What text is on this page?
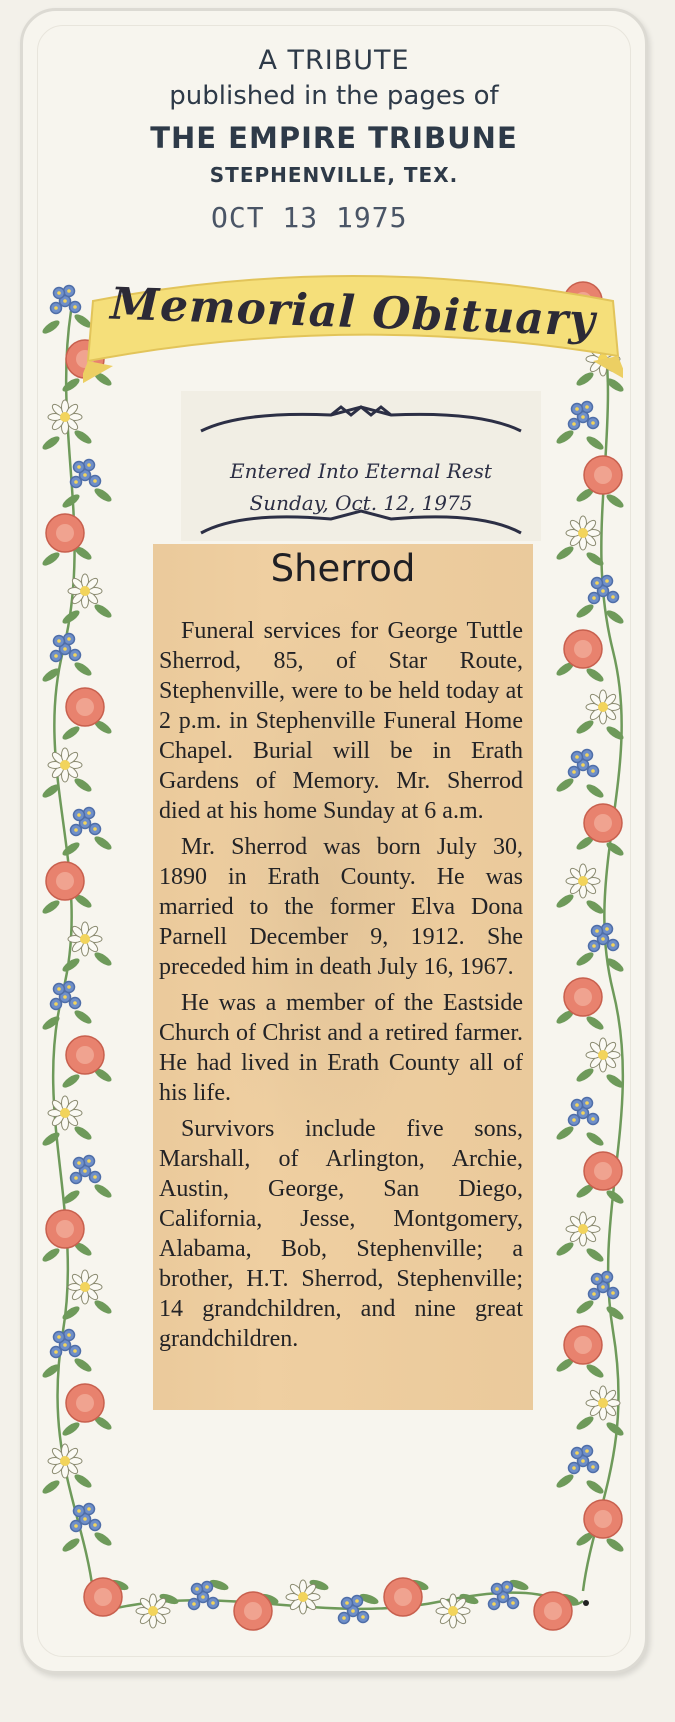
A TRIBUTE
published in the pages of
THE EMPIRE TRIBUNE
STEPHENVILLE, TEX.
OCT 13 1975
Memorial Obituary
Entered Into Eternal Rest
Sunday, Oct. 12, 1975
Sherrod

Funeral services for George Tuttle Sherrod, 85, of Star Route, Stephenville, were to be held today at 2 p.m. in Stephenville Funeral Home Chapel. Burial will be in Erath Gardens of Memory. Mr. Sherrod died at his home Sunday at 6 a.m.

Mr. Sherrod was born July 30, 1890 in Erath County. He was married to the former Elva Dona Parnell December 9, 1912. She preceded him in death July 16, 1967.

He was a member of the Eastside Church of Christ and a retired farmer. He had lived in Erath County all of his life.

Survivors include five sons, Marshall, of Arlington, Archie, Austin, George, San Diego, California, Jesse, Montgomery, Alabama, Bob, Stephenville; a brother, H.T. Sherrod, Stephenville; 14 grandchildren, and nine great grandchildren.
